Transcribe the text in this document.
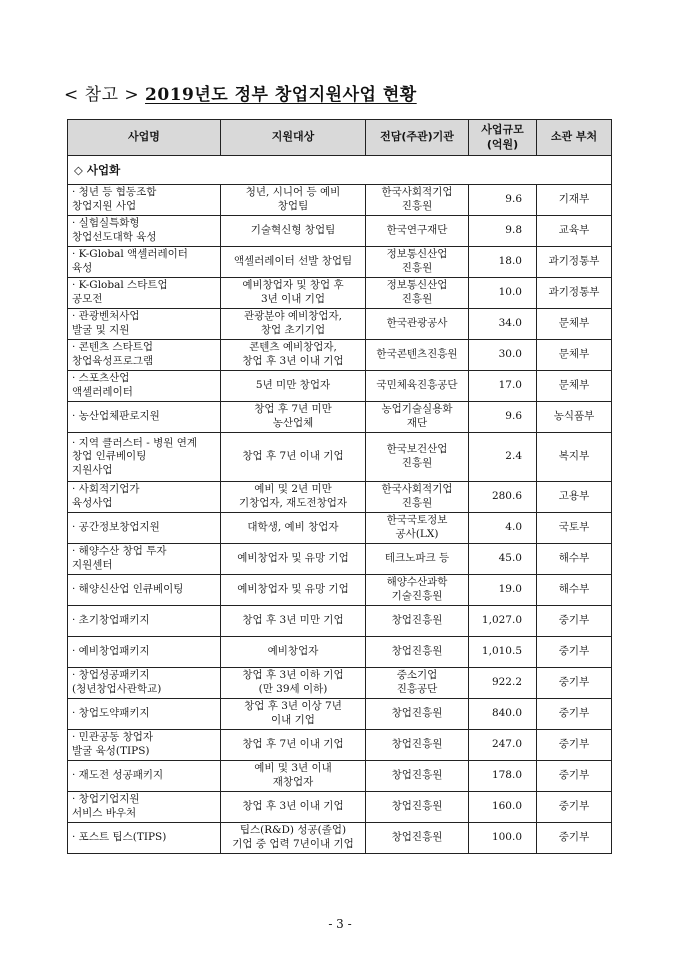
< 참고 > 2019년도 정부 창업지원사업 현황
사업명	지원대상	전담(주관)기관	사업규모
(억원)	소관 부처
◇ 사업화				
· 청년 등 협동조합
창업지원 사업	청년, 시니어 등 예비
창업팀	한국사회적기업
진흥원	9.6	기재부
· 실험실특화형
창업선도대학 육성	기술혁신형 창업팀	한국연구재단	9.8	교육부
· K-Global 액셀러레이터
육성	액셀러레이터 선발 창업팀	정보통신산업
진흥원	18.0	과기정통부
· K-Global 스타트업
공모전	예비창업자 및 창업 후
3년 이내 기업	정보통신산업
진흥원	10.0	과기정통부
· 관광벤처사업
발굴 및 지원	관광분야 예비창업자,
창업 초기기업	한국관광공사	34.0	문체부
· 콘텐츠 스타트업
창업육성프로그램	콘텐츠 예비창업자,
창업 후 3년 이내 기업	한국콘텐츠진흥원	30.0	문체부
· 스포츠산업
액셀러레이터	5년 미만 창업자	국민체육진흥공단	17.0	문체부
· 농산업체판로지원	창업 후 7년 미만
농산업체	농업기술실용화
재단	9.6	농식품부
· 지역 클러스터 - 병원 연계
창업 인큐베이팅
지원사업	창업 후 7년 이내 기업	한국보건산업
진흥원	2.4	복지부
· 사회적기업가
육성사업	예비 및 2년 미만
기창업자, 재도전창업자	한국사회적기업
진흥원	280.6	고용부
· 공간정보창업지원	대학생, 예비 창업자	한국국토정보
공사(LX)	4.0	국토부
· 해양수산 창업 투자
지원센터	예비창업자 및 유망 기업	테크노파크 등	45.0	해수부
· 해양신산업 인큐베이팅	예비창업자 및 유망 기업	해양수산과학
기술진흥원	19.0	해수부
· 초기창업패키지	창업 후 3년 미만 기업	창업진흥원	1,027.0	중기부
· 예비창업패키지	예비창업자	창업진흥원	1,010.5	중기부
· 창업성공패키지
(청년창업사관학교)	창업 후 3년 이하 기업
(만 39세 이하)	중소기업
진흥공단	922.2	중기부
· 창업도약패키지	창업 후 3년 이상 7년
이내 기업	창업진흥원	840.0	중기부
· 민관공동 창업자
발굴 육성(TIPS)	창업 후 7년 이내 기업	창업진흥원	247.0	중기부
· 재도전 성공패키지	예비 및 3년 이내
재창업자	창업진흥원	178.0	중기부
· 창업기업지원
서비스 바우처	창업 후 3년 이내 기업	창업진흥원	160.0	중기부
· 포스트 팁스(TIPS)	팁스(R&D) 성공(졸업)
기업 중 업력 7년이내 기업	창업진흥원	100.0	중기부
- 3 -
